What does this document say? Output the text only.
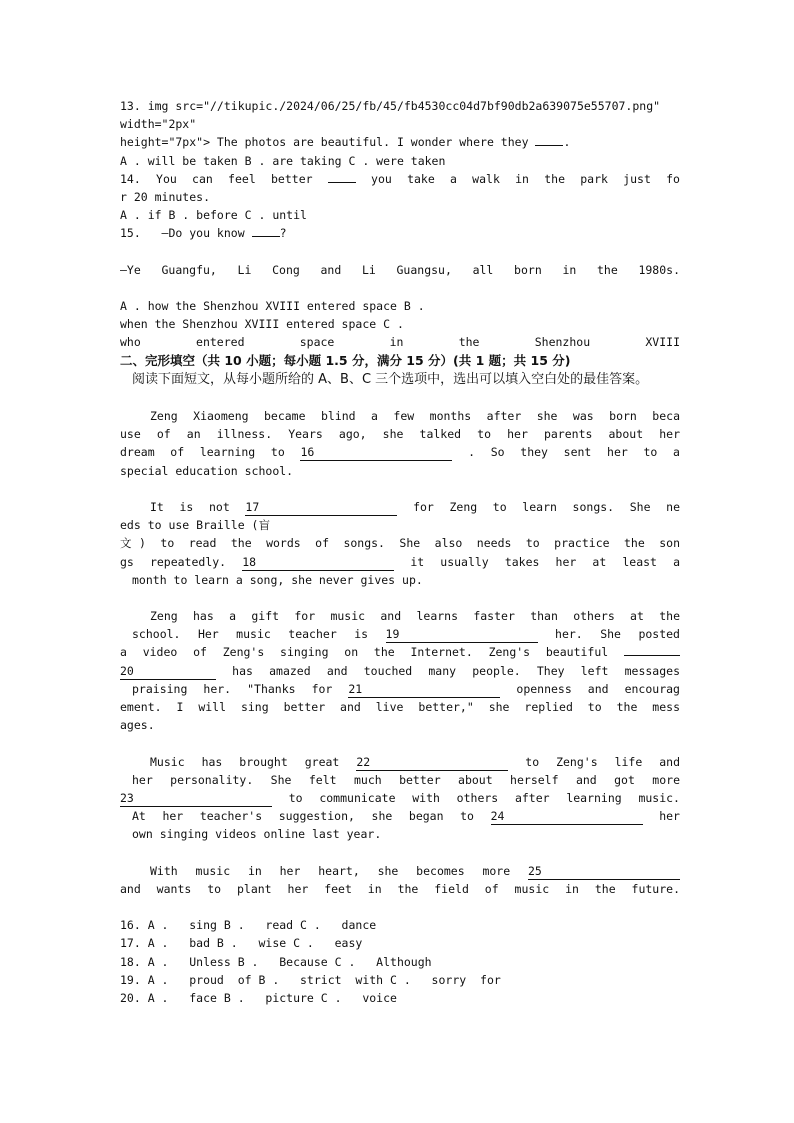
13. img src="//tikupic./2024/06/25/fb/45/fb4530cc04d7bf90db2a639075e55707.png"
width="2px"
height="7px"> The photos are beautiful. I wonder where they	.
A . will be taken B . are taking C . were taken
14. You can feel better	you take a walk in the park just fo
r 20 minutes.
A . if B . before C . until
15.   —Do you know	?
—Ye Guangfu, Li Cong and Li Guangsu, all born in the 1980s.
A . how the Shenzhou XVIII entered space B .
when the Shenzhou XVIII entered space C .
who entered space in the Shenzhou XVIII
二、完形填空（共 10 小题；每小题 1.5 分，满分 15 分）(共 1 题；共 15 分)
阅读下面短文，从每小题所给的 A、B、C 三个选项中，选出可以填入空白处的最佳答案。
Zeng Xiaomeng became blind a few months after she was born beca
use of an illness. Years ago, she talked to her parents about her
dream of learning to 16	. So they sent her to a
special education school.
It is not 17	for Zeng to learn songs. She ne
eds to use Braille (盲
文) to read the words of songs. She also needs to practice the son
gs repeatedly. 18	it usually takes her at least a
month to learn a song, she never gives up.
Zeng has a gift for music and learns faster than others at the
school. Her music teacher is 19	her. She posted
a video of Zeng's singing on the Internet. Zeng's beautiful
20	has amazed and touched many people. They left messages
praising her. "Thanks for 21	openness and encourag
ement. I will sing better and live better," she replied to the mess
ages.
Music has brought great 22	to Zeng's life and
her personality. She felt much better about herself and got more
23	to communicate with others after learning music.
At her teacher's suggestion, she began to 24	her
own singing videos online last year.
With music in her heart, she becomes more 25
and wants to plant her feet in the field of music in the future.
16. A .   sing B .   read C .   dance
17. A .   bad B .   wise C .   easy
18. A .   Unless B .   Because C .   Although
19. A .   proud  of B .   strict  with C .   sorry  for
20. A .   face B .   picture C .   voice
